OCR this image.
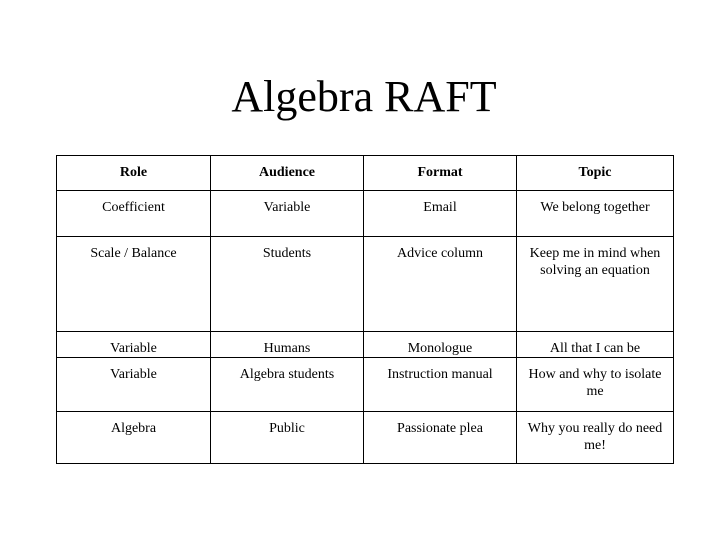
Algebra RAFT
Role	Audience	Format	Topic
Coefficient	Variable	Email	We belong together
Scale / Balance	Students	Advice column	Keep me in mind when solving an equation
Variable	Humans	Monologue	All that I can be
Variable	Algebra students	Instruction manual	How and why to isolate me
Algebra	Public	Passionate plea	Why you really do need me!
